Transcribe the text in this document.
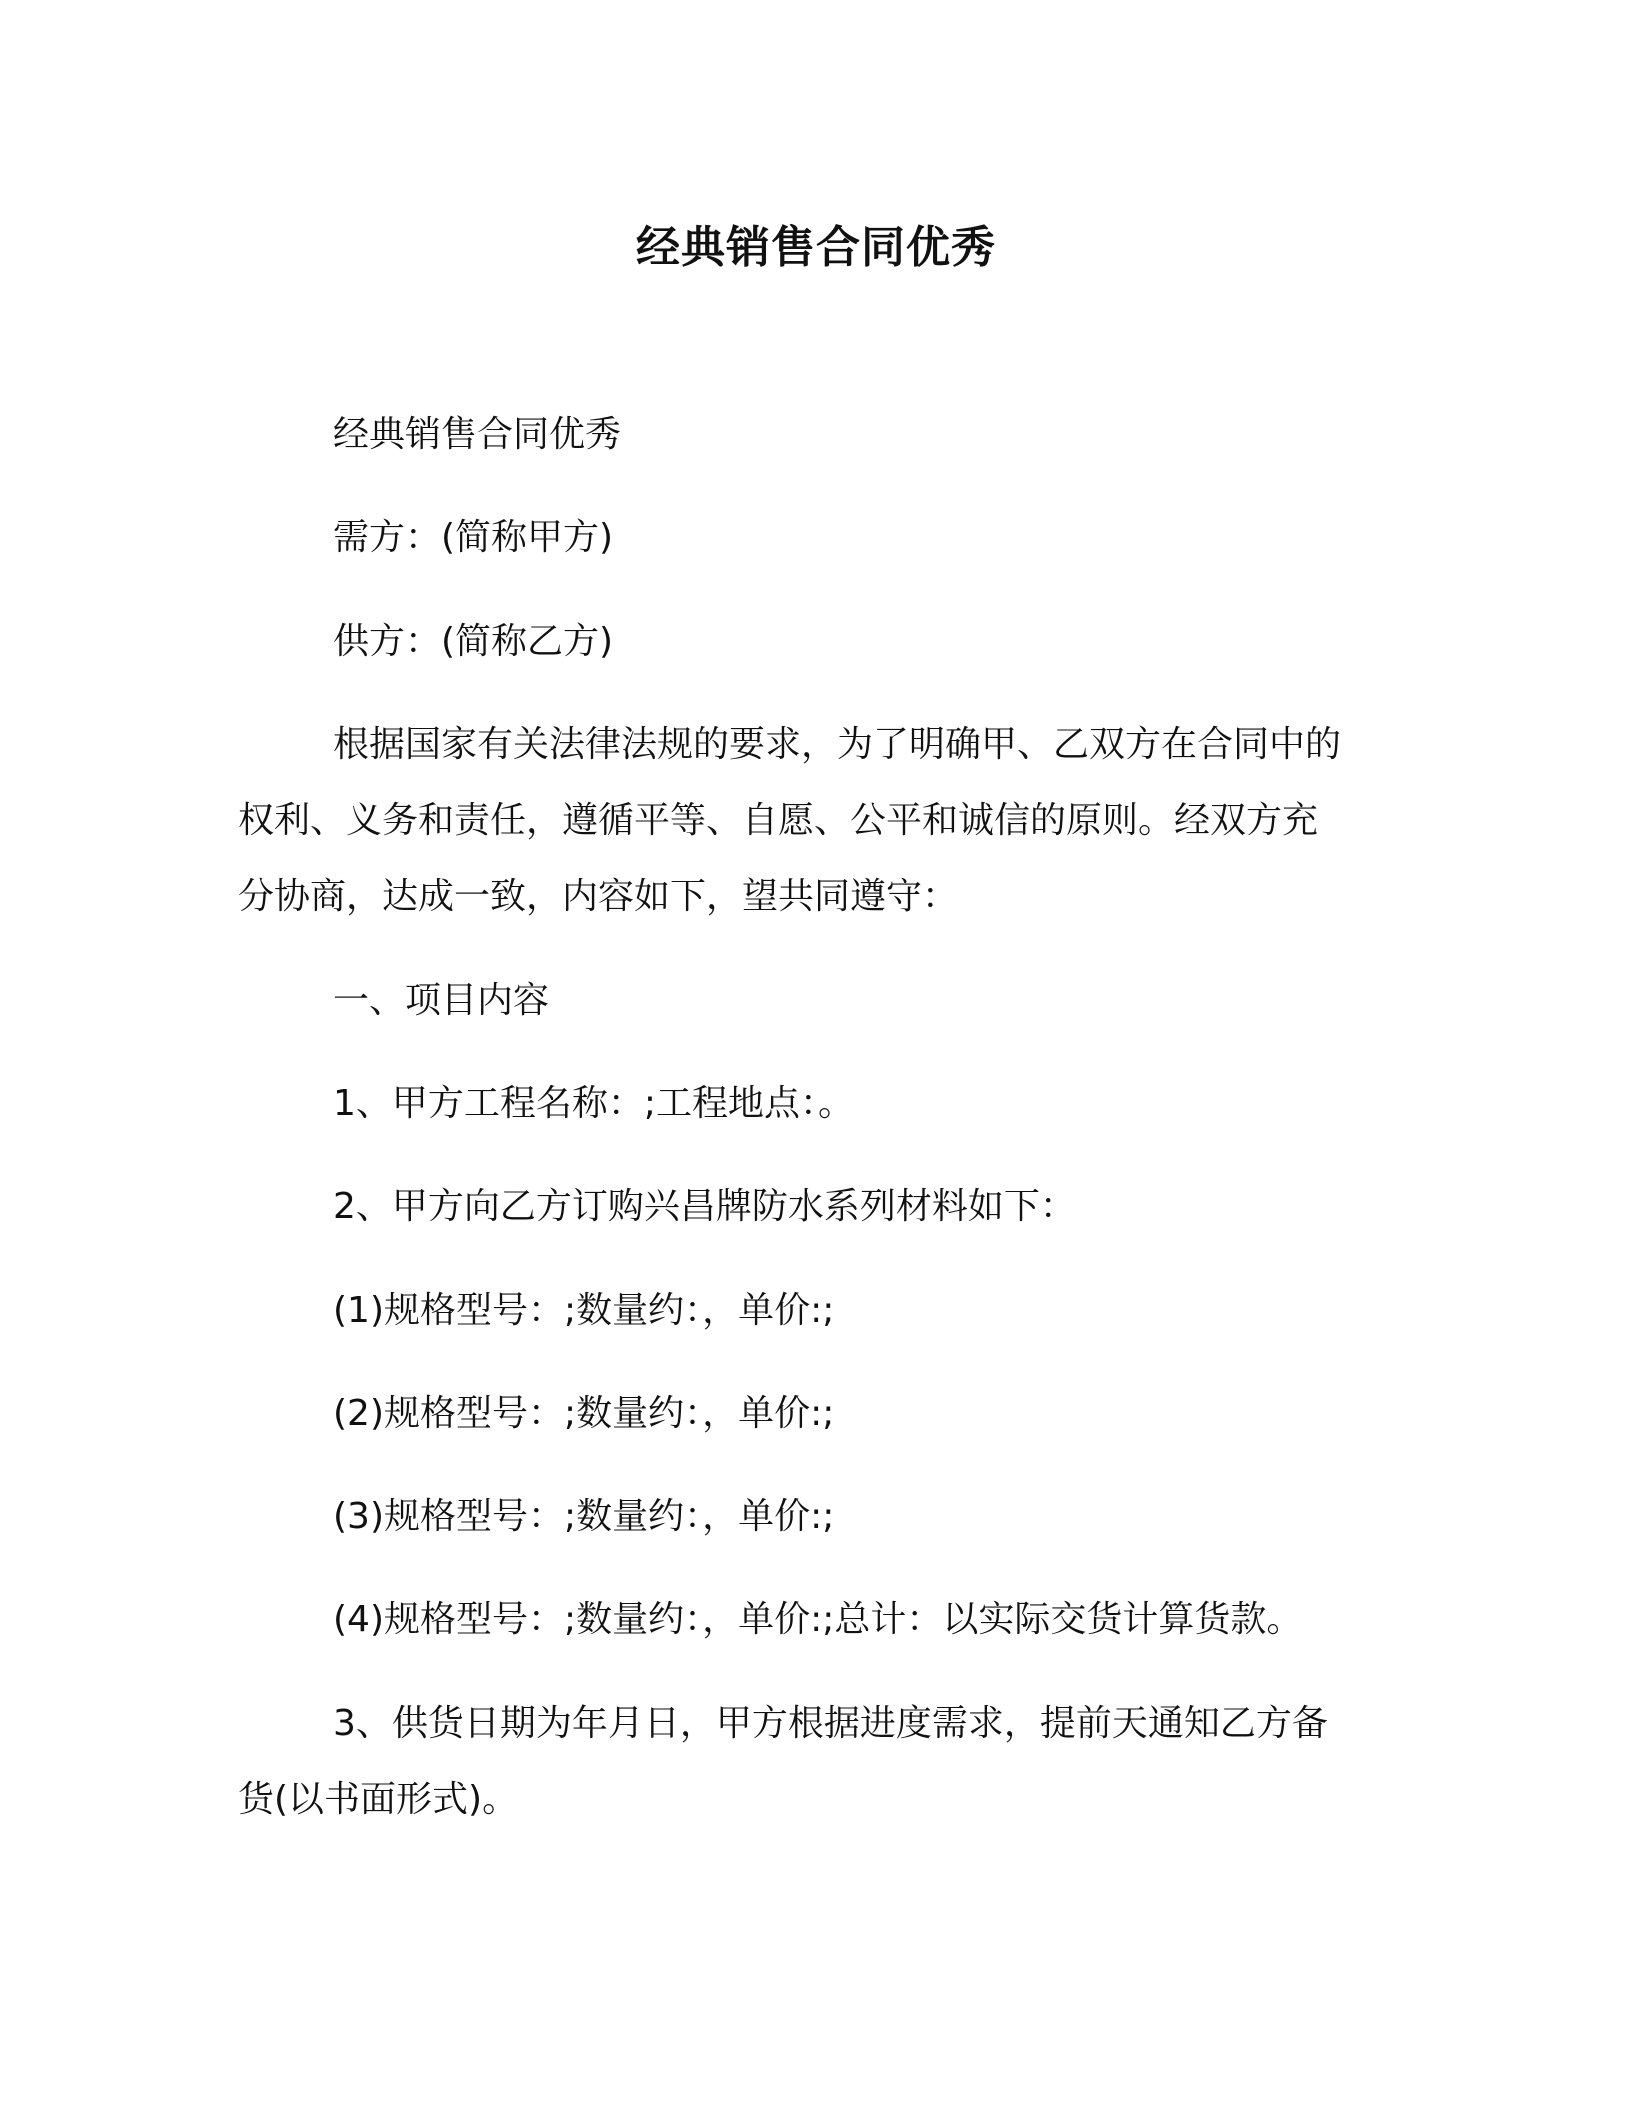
经典销售合同优秀

经典销售合同优秀

需方：(简称甲方)

供方：(简称乙方)

根据国家有关法律法规的要求，为了明确甲、乙双方在合同中的

权利、义务和责任，遵循平等、自愿、公平和诚信的原则。经双方充

分协商，达成一致，内容如下，望共同遵守：

一、项目内容

1、甲方工程名称：;工程地点：。

2、甲方向乙方订购兴昌牌防水系列材料如下：

(1)规格型号：;数量约：，单价:;

(2)规格型号：;数量约：，单价:;

(3)规格型号：;数量约：，单价:;

(4)规格型号：;数量约：，单价:;总计：以实际交货计算货款。

3、供货日期为年月日，甲方根据进度需求，提前天通知乙方备

货(以书面形式)。
